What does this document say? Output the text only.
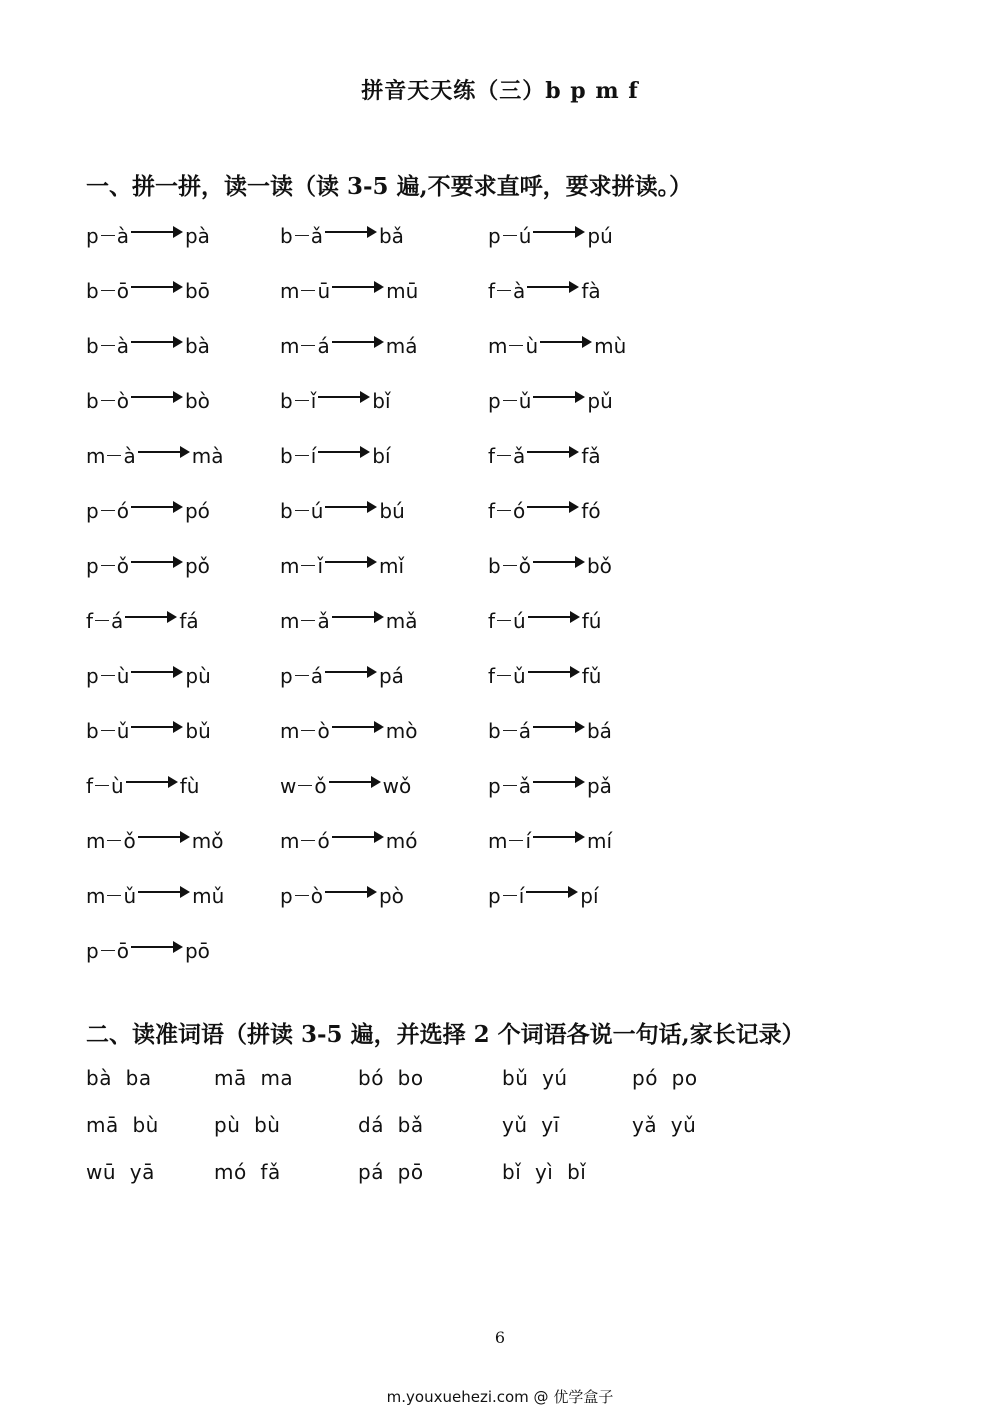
拼音天天练（三）b p m f
一、拼一拼，读一读（读 3-5 遍,不要求直呼，要求拼读。）
p à	pà	b ǎ	bǎ	p ú	pú
b ō	bō	m ū	mū	f à	fà
b à	bà	m á	má	m ù	mù
b ò	bò	b ǐ	bǐ	p ǔ	pǔ
m à	mà	b í	bí	f ǎ	fǎ
p ó	pó	b ú	bú	f ó	fó
p ǒ	pǒ	m ǐ	mǐ	b ǒ	bǒ
f á	fá	m ǎ	mǎ	f ú	fú
p ù	pù	p á	pá	f ǔ	fǔ
b ǔ	bǔ	m ò	mò	b á	bá
f ù	fù	w ǒ	wǒ	p ǎ	pǎ
m ǒ	mǒ	m ó	mó	m í	mí
m ǔ	mǔ	p ò	pò	p í	pí
p ō	pō
二、读准词语（拼读 3-5 遍，并选择 2 个词语各说一句话,家长记录）
bà  ba	mā  ma	bó  bo	bǔ  yú	pó  po
mā  bù	pù  bù	dá  bǎ	yǔ  yī	yǎ  yǔ
wū  yā	mó  fǎ	pá  pō	bǐ  yì  bǐ
6
m.youxuehezi.com @ 优学盒子
